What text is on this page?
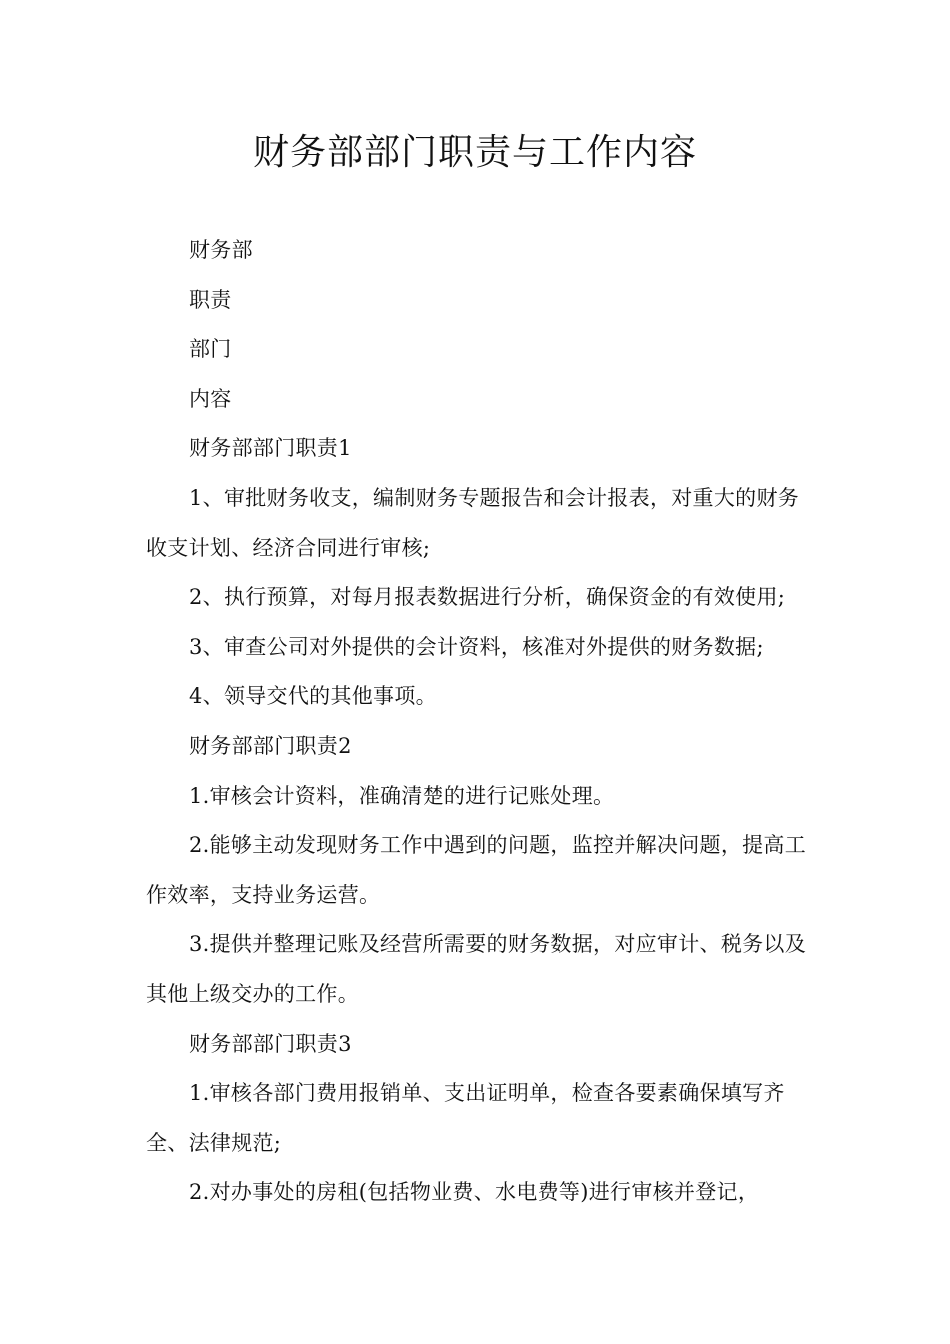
财务部部门职责与工作内容

财务部

职责

部门

内容

财务部部门职责1

1、审批财务收支，编制财务专题报告和会计报表，对重大的财务收支计划、经济合同进行审核;

2、执行预算，对每月报表数据进行分析，确保资金的有效使用;

3、审查公司对外提供的会计资料，核准对外提供的财务数据;

4、领导交代的其他事项。

财务部部门职责2

1.审核会计资料，准确清楚的进行记账处理。

2.能够主动发现财务工作中遇到的问题，监控并解决问题，提高工作效率，支持业务运营。

3.提供并整理记账及经营所需要的财务数据，对应审计、税务以及其他上级交办的工作。

财务部部门职责3

1.审核各部门费用报销单、支出证明单，检查各要素确保填写齐全、法律规范;

2.对办事处的房租(包括物业费、水电费等)进行审核并登记，
